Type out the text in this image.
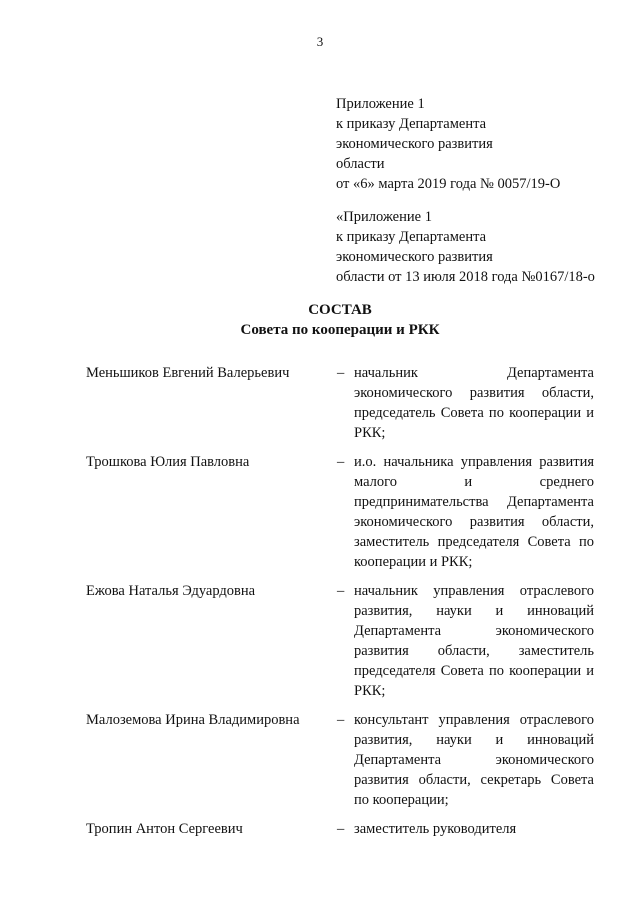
3
Приложение 1
к приказу Департамента
экономического развития
области
от «6» марта 2019 года № 0057/19-О
«Приложение 1
к приказу Департамента
экономического развития
области от 13 июля 2018 года №0167/18-о
СОСТАВ
Совета по кооперации и РКК
Меньшиков Евгений Валерьевич	– начальник Департамента экономического развития области, председатель Совета по кооперации и РКК;
Трошкова Юлия Павловна	– и.о. начальника управления развития малого и среднего предпринимательства Департамента экономического развития области, заместитель председателя Совета по кооперации и РКК;
Ежова Наталья Эдуардовна	– начальник управления отраслевого развития, науки и инноваций Департамента экономического развития области, заместитель председателя Совета по кооперации и РКК;
Малоземова Ирина Владимировна	– консультант управления отраслевого развития, науки и инноваций Департамента экономического развития области, секретарь Совета по кооперации;
Тропин Антон Сергеевич	– заместитель руководителя
